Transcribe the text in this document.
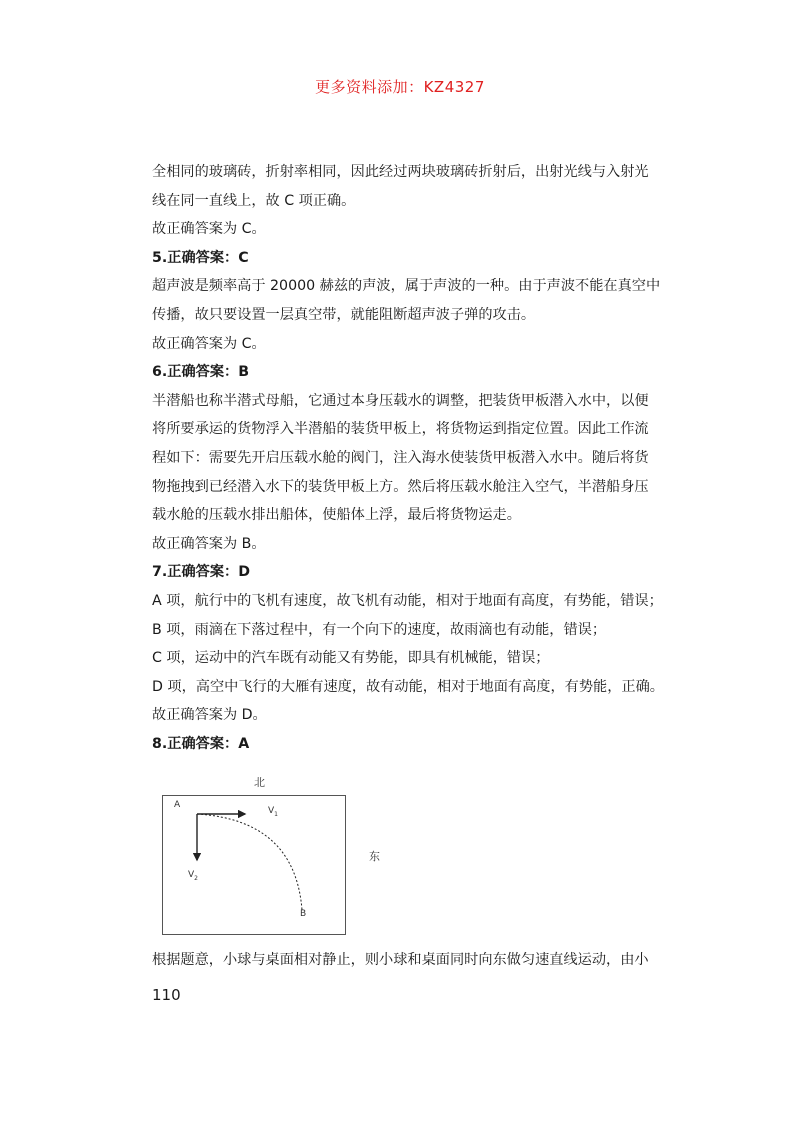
更多资料添加：KZ4327
全相同的玻璃砖，折射率相同，因此经过两块玻璃砖折射后，出射光线与入射光
线在同一直线上，故 C 项正确。
故正确答案为 C。
5.正确答案：C
超声波是频率高于 20000 赫兹的声波，属于声波的一种。由于声波不能在真空中
传播，故只要设置一层真空带，就能阻断超声波子弹的攻击。
故正确答案为 C。
6.正确答案：B
半潜船也称半潜式母船，它通过本身压载水的调整，把装货甲板潜入水中，以便
将所要承运的货物浮入半潜船的装货甲板上，将货物运到指定位置。因此工作流
程如下：需要先开启压载水舱的阀门，注入海水使装货甲板潜入水中。随后将货
物拖拽到已经潜入水下的装货甲板上方。然后将压载水舱注入空气，半潜船身压
载水舱的压载水排出船体，使船体上浮，最后将货物运走。
故正确答案为 B。
7.正确答案：D
A 项，航行中的飞机有速度，故飞机有动能，相对于地面有高度，有势能，错误；
B 项，雨滴在下落过程中，有一个向下的速度，故雨滴也有动能，错误；
C 项，运动中的汽车既有动能又有势能，即具有机械能，错误；
D 项，高空中飞行的大雁有速度，故有动能，相对于地面有高度，有势能，正确。
故正确答案为 D。
8.正确答案：A
北
A
$V_1$
$V_2$
B
东
根据题意，小球与桌面相对静止，则小球和桌面同时向东做匀速直线运动，由小
110
